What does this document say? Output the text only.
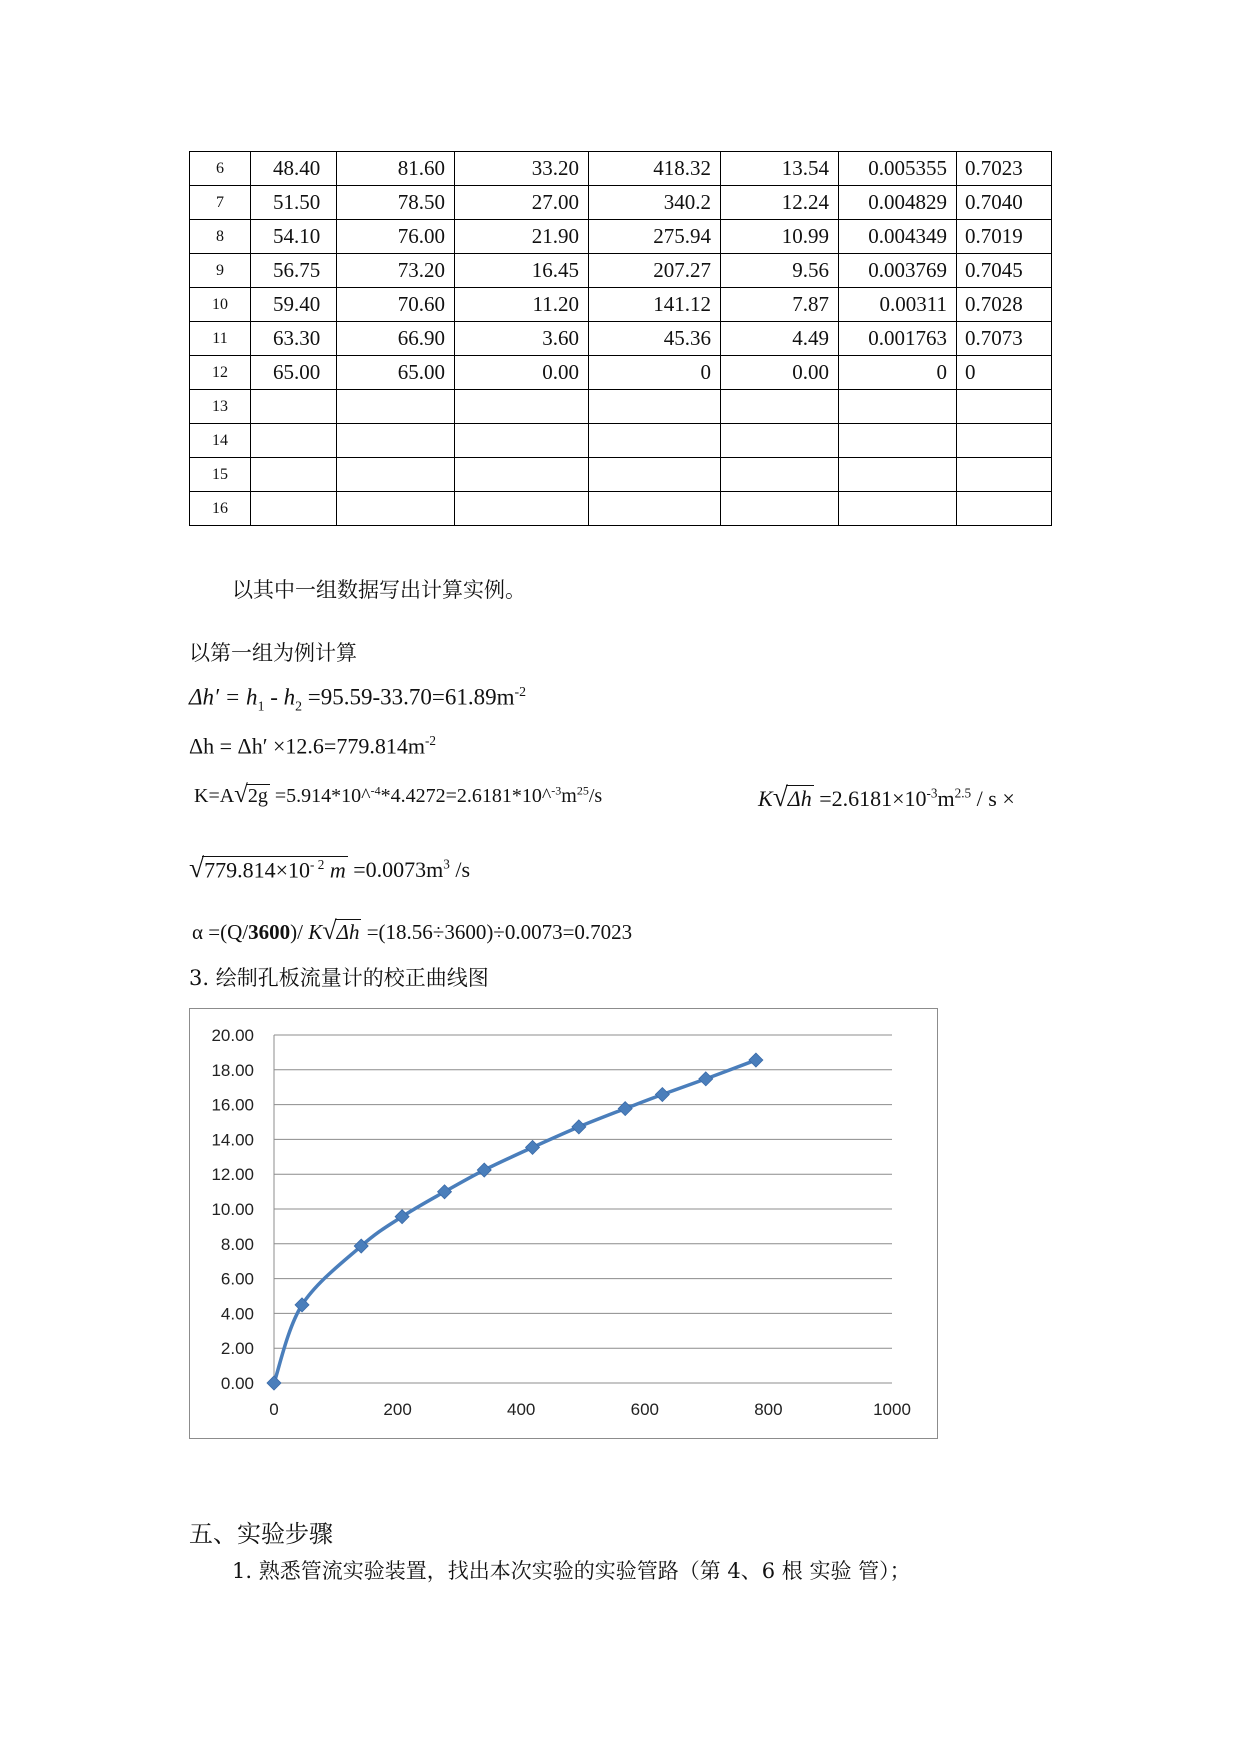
6	48.40	81.60	33.20	418.32	13.54	0.005355	0.7023
7	51.50	78.50	27.00	340.2	12.24	0.004829	0.7040
8	54.10	76.00	21.90	275.94	10.99	0.004349	0.7019
9	56.75	73.20	16.45	207.27	9.56	0.003769	0.7045
10	59.40	70.60	11.20	141.12	7.87	0.00311	0.7028
11	63.30	66.90	3.60	45.36	4.49	0.001763	0.7073
12	65.00	65.00	0.00	0	0.00	0	0
13							
14							
15							
16							
以其中一组数据写出计算实例。
以第一组为例计算
$\Delta h' = h_1 - h_2 =95.59-33.70=61.89m^{-2}$
$\Delta h = \Delta h' \times 12.6=779.814m^{-2}$
$K=A√2g =5.914*10\^{}^{-4}*4.4272=2.6181*10\^{}^{-3}m^{25}/s$	$K√\Delta h =2.6181\times 10^{-3}m^{2.5} / s$ ×
$√779.814\times 10^{- 2}$ $m =0.0073m^3$ /s
α =(Q/3600)/ K√Δh =(18.56÷3600)÷0.0073=0.7023
3. 绘制孔板流量计的校正曲线图
0.00
2.00
4.00
6.00
8.00
10.00
12.00
14.00
16.00
18.00
20.00
0	200	400	600	800	1000
五、实验步骤
1. 熟悉管流实验装置，找出本次实验的实验管路（第 4、6 根 实验 管）；
